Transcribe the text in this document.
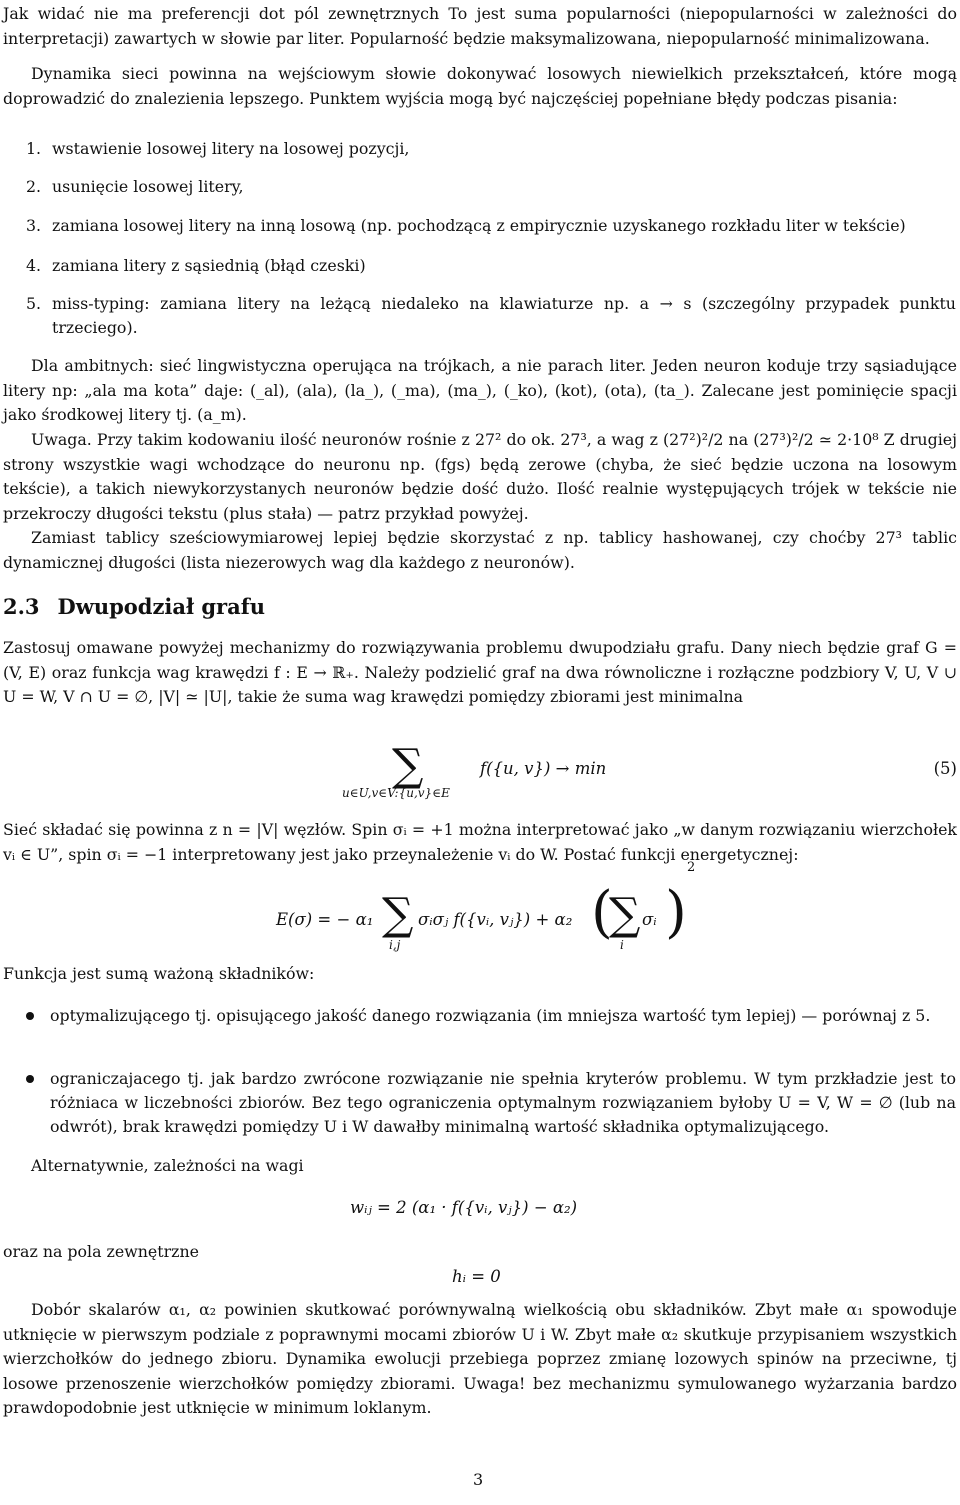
Jak widać nie ma preferencji dot pól zewnętrznych To jest suma popularności (niepopularności w zależności do interpretacji) zawartych w słowie par liter. Popularność będzie maksymalizowana, niepopularność minimalizowana.

Dynamika sieci powinna na wejściowym słowie dokonywać losowych niewielkich przekształceń, które mogą doprowadzić do znalezienia lepszego. Punktem wyjścia mogą być najczęściej popełniane błędy podczas pisania:

1. wstawienie losowej litery na losowej pozycji,
2. usunięcie losowej litery,
3. zamiana losowej litery na inną losową (np. pochodzącą z empirycznie uzyskanego rozkładu liter w tekście)
4. zamiana litery z sąsiednią (błąd czeski)
5. miss-typing: zamiana litery na leżącą niedaleko na klawiaturze np. a → s (szczególny przypadek punktu trzeciego).

Dla ambitnych: sieć lingwistyczna operująca na trójkach, a nie parach liter. Jeden neuron koduje trzy sąsiadujące litery np: „ala ma kota” daje: (_al), (ala), (la_), (_ma), (ma_), (_ko), (kot), (ota), (ta_). Zalecane jest pominięcie spacji jako środkowej litery tj. (a_m).

Uwaga. Przy takim kodowaniu ilość neuronów rośnie z 27² do ok. 27³, a wag z (27²)²/2 na (27³)²/2 ≃ 2·10⁸ Z drugiej strony wszystkie wagi wchodzące do neuronu np. (fgs) będą zerowe (chyba, że sieć będzie uczona na losowym tekście), a takich niewykorzystanych neuronów będzie dość dużo. Ilość realnie występujących trójek w tekście nie przekroczy długości tekstu (plus stała) — patrz przykład powyżej.

Zamiast tablicy sześciowymiarowej lepiej będzie skorzystać z np. tablicy hashowanej, czy choćby 27³ tablic dynamicznej długości (lista niezerowych wag dla każdego z neuronów).

2.3 Dwupodział grafu

Zastosuj omawane powyżej mechanizmy do rozwiązywania problemu dwupodziału grafu. Dany niech będzie graf G = (V, E) oraz funkcja wag krawędzi f : E → ℝ₊. Należy podzielić graf na dwa równoliczne i rozłączne podzbiory V, U, V ∪ U = W, V ∩ U = ∅, |V| ≃ |U|, takie że suma wag krawędzi pomiędzy zbiorami jest minimalna

∑
u∈U,v∈V:{u,v}∈E
f({u, v}) → min	(5)

Sieć składać się powinna z n = |V| węzłów. Spin σᵢ = +1 można interpretować jako „w danym rozwiązaniu wierzchołek vᵢ ∈ U”, spin σᵢ = −1 interpretowany jest jako przeynależenie vᵢ do W. Postać funkcji energetycznej:

E(σ) = − α₁ ∑
i,j
σᵢσⱼ f({vᵢ, vⱼ}) + α₂ (
∑
i
σᵢ )
2

Funkcja jest sumą ważoną składników:

optymalizującego tj. opisującego jakość danego rozwiązania (im mniejsza wartość tym lepiej) — porównaj z 5.
ograniczajacego tj. jak bardzo zwrócone rozwiązanie nie spełnia kryterów problemu. W tym przkładzie jest to różniaca w liczebności zbiorów. Bez tego ograniczenia optymalnym rozwiązaniem byłoby U = V, W = ∅ (lub na odwrót), brak krawędzi pomiędzy U i W dawałby minimalną wartość składnika optymalizującego.

Alternatywnie, zależności na wagi

wᵢⱼ = 2 (α₁ · f({vᵢ, vⱼ}) − α₂)

oraz na pola zewnętrzne

hᵢ = 0

Dobór skalarów α₁, α₂ powinien skutkować porównywalną wielkością obu składników. Zbyt małe α₁ spowoduje utknięcie w pierwszym podziale z poprawnymi mocami zbiorów U i W. Zbyt małe α₂ skutkuje przypisaniem wszystkich wierzchołków do jednego zbioru. Dynamika ewolucji przebiega poprzez zmianę lozowych spinów na przeciwne, tj losowe przenoszenie wierzchołków pomiędzy zbiorami. Uwaga! bez mechanizmu symulowanego wyżarzania bardzo prawdopodobnie jest utknięcie w minimum loklanym.

3
